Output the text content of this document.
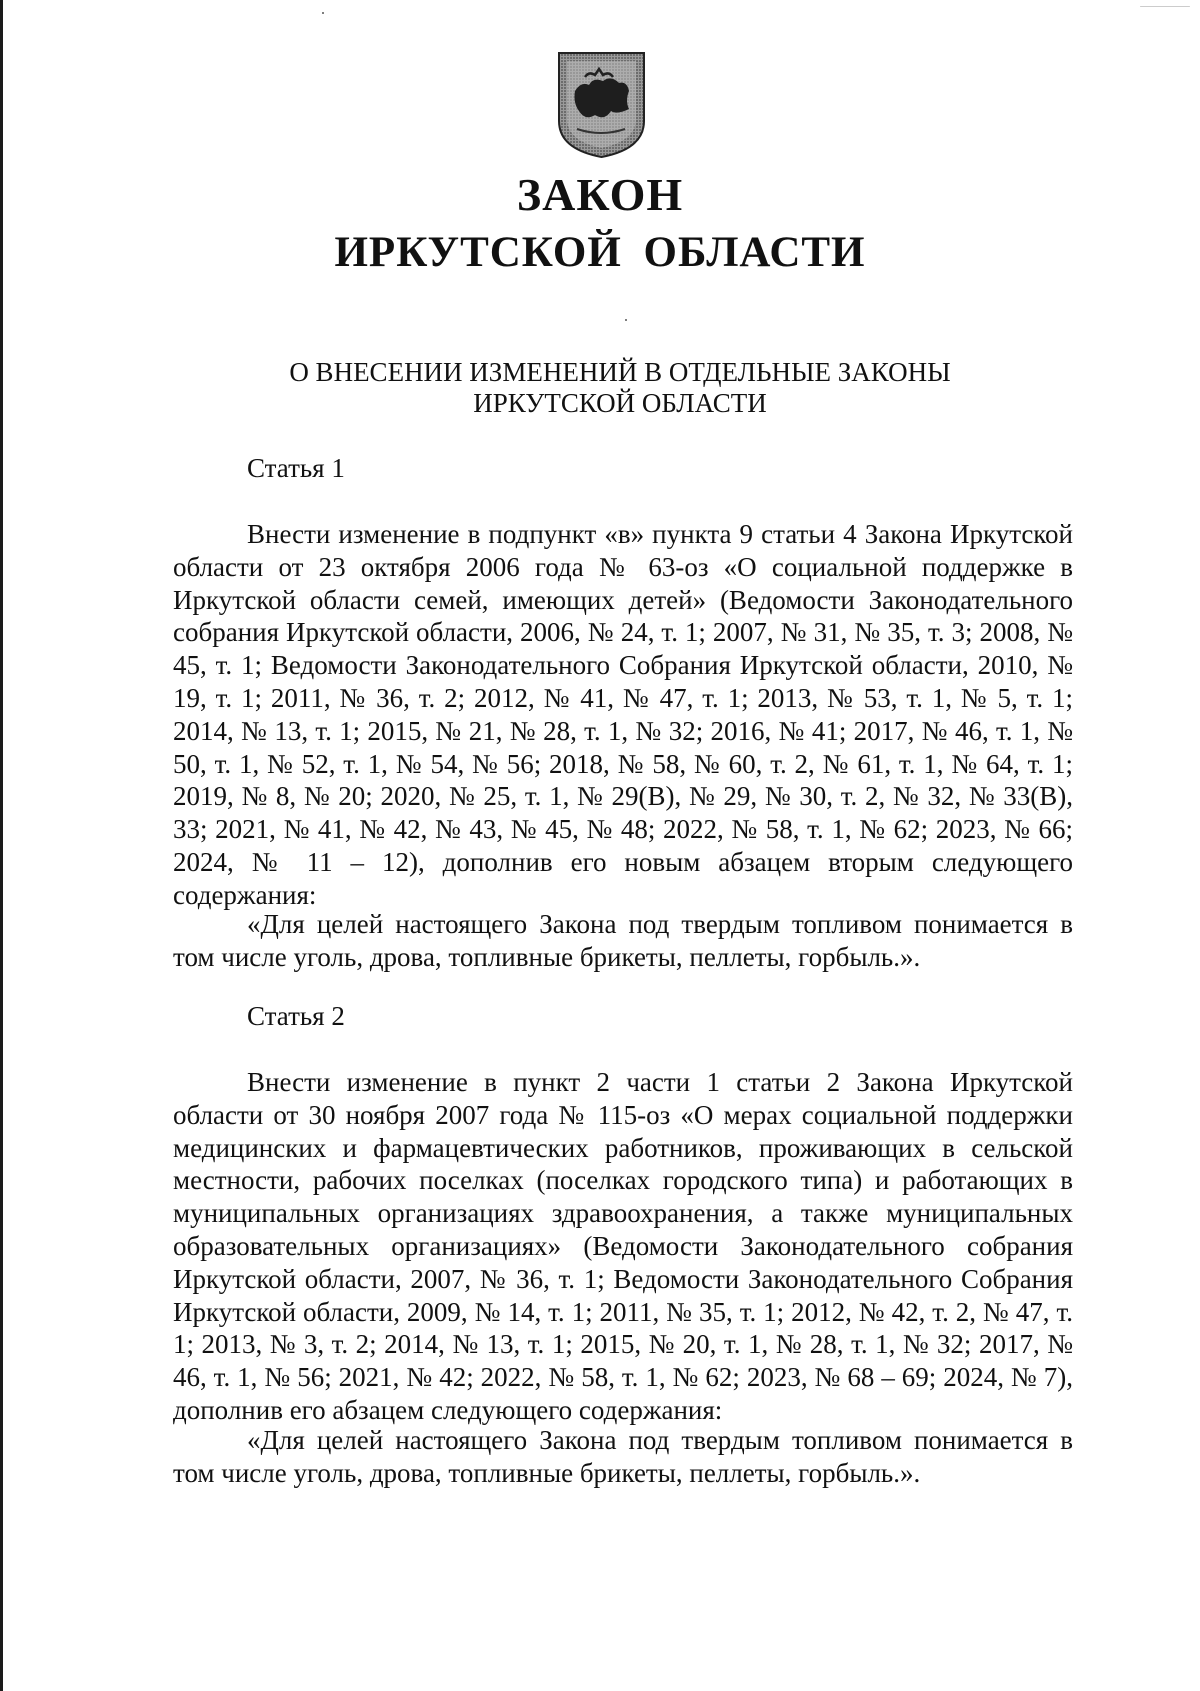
ЗАКОН
ИРКУТСКОЙ ОБЛАСТИ
О ВНЕСЕНИИ ИЗМЕНЕНИЙ В ОТДЕЛЬНЫЕ ЗАКОНЫ
ИРКУТСКОЙ ОБЛАСТИ
Статья 1

Внести изменение в подпункт «в» пункта 9 статьи 4 Закона Иркутской области от 23 октября 2006 года № 63-оз «О социальной поддержке в Иркутской области семей, имеющих детей» (Ведомости Законодательного собрания Иркутской области, 2006, № 24, т. 1; 2007, № 31, № 35, т. 3; 2008, № 45, т. 1; Ведомости Законодательного Собрания Иркутской области, 2010, № 19, т. 1; 2011, № 36, т. 2; 2012, № 41, № 47, т. 1; 2013, № 53, т. 1, № 5, т. 1; 2014, № 13, т. 1; 2015, № 21, № 28, т. 1, № 32; 2016, № 41; 2017, № 46, т. 1, № 50, т. 1, № 52, т. 1, № 54, № 56; 2018, № 58, № 60, т. 2, № 61, т. 1, № 64, т. 1; 2019, № 8, № 20; 2020, № 25, т. 1, № 29(В), № 29, № 30, т. 2, № 32, № 33(В), 33; 2021, № 41, № 42, № 43, № 45, № 48; 2022, № 58, т. 1, № 62; 2023, № 66; 2024, № 11 – 12), дополнив его новым абзацем вторым следующего содержания:

«Для целей настоящего Закона под твердым топливом понимается в том числе уголь, дрова, топливные брикеты, пеллеты, горбыль.».

Статья 2

Внести изменение в пункт 2 части 1 статьи 2 Закона Иркутской области от 30 ноября 2007 года № 115-оз «О мерах социальной поддержки медицинских и фармацевтических работников, проживающих в сельской местности, рабочих поселках (поселках городского типа) и работающих в муниципальных организациях здравоохранения, а также муниципальных образовательных организациях» (Ведомости Законодательного собрания Иркутской области, 2007, № 36, т. 1; Ведомости Законодательного Собрания Иркутской области, 2009, № 14, т. 1; 2011, № 35, т. 1; 2012, № 42, т. 2, № 47, т. 1; 2013, № 3, т. 2; 2014, № 13, т. 1; 2015, № 20, т. 1, № 28, т. 1, № 32; 2017, № 46, т. 1, № 56; 2021, № 42; 2022, № 58, т. 1, № 62; 2023, № 68 – 69; 2024, № 7), дополнив его абзацем следующего содержания:

«Для целей настоящего Закона под твердым топливом понимается в том числе уголь, дрова, топливные брикеты, пеллеты, горбыль.».
